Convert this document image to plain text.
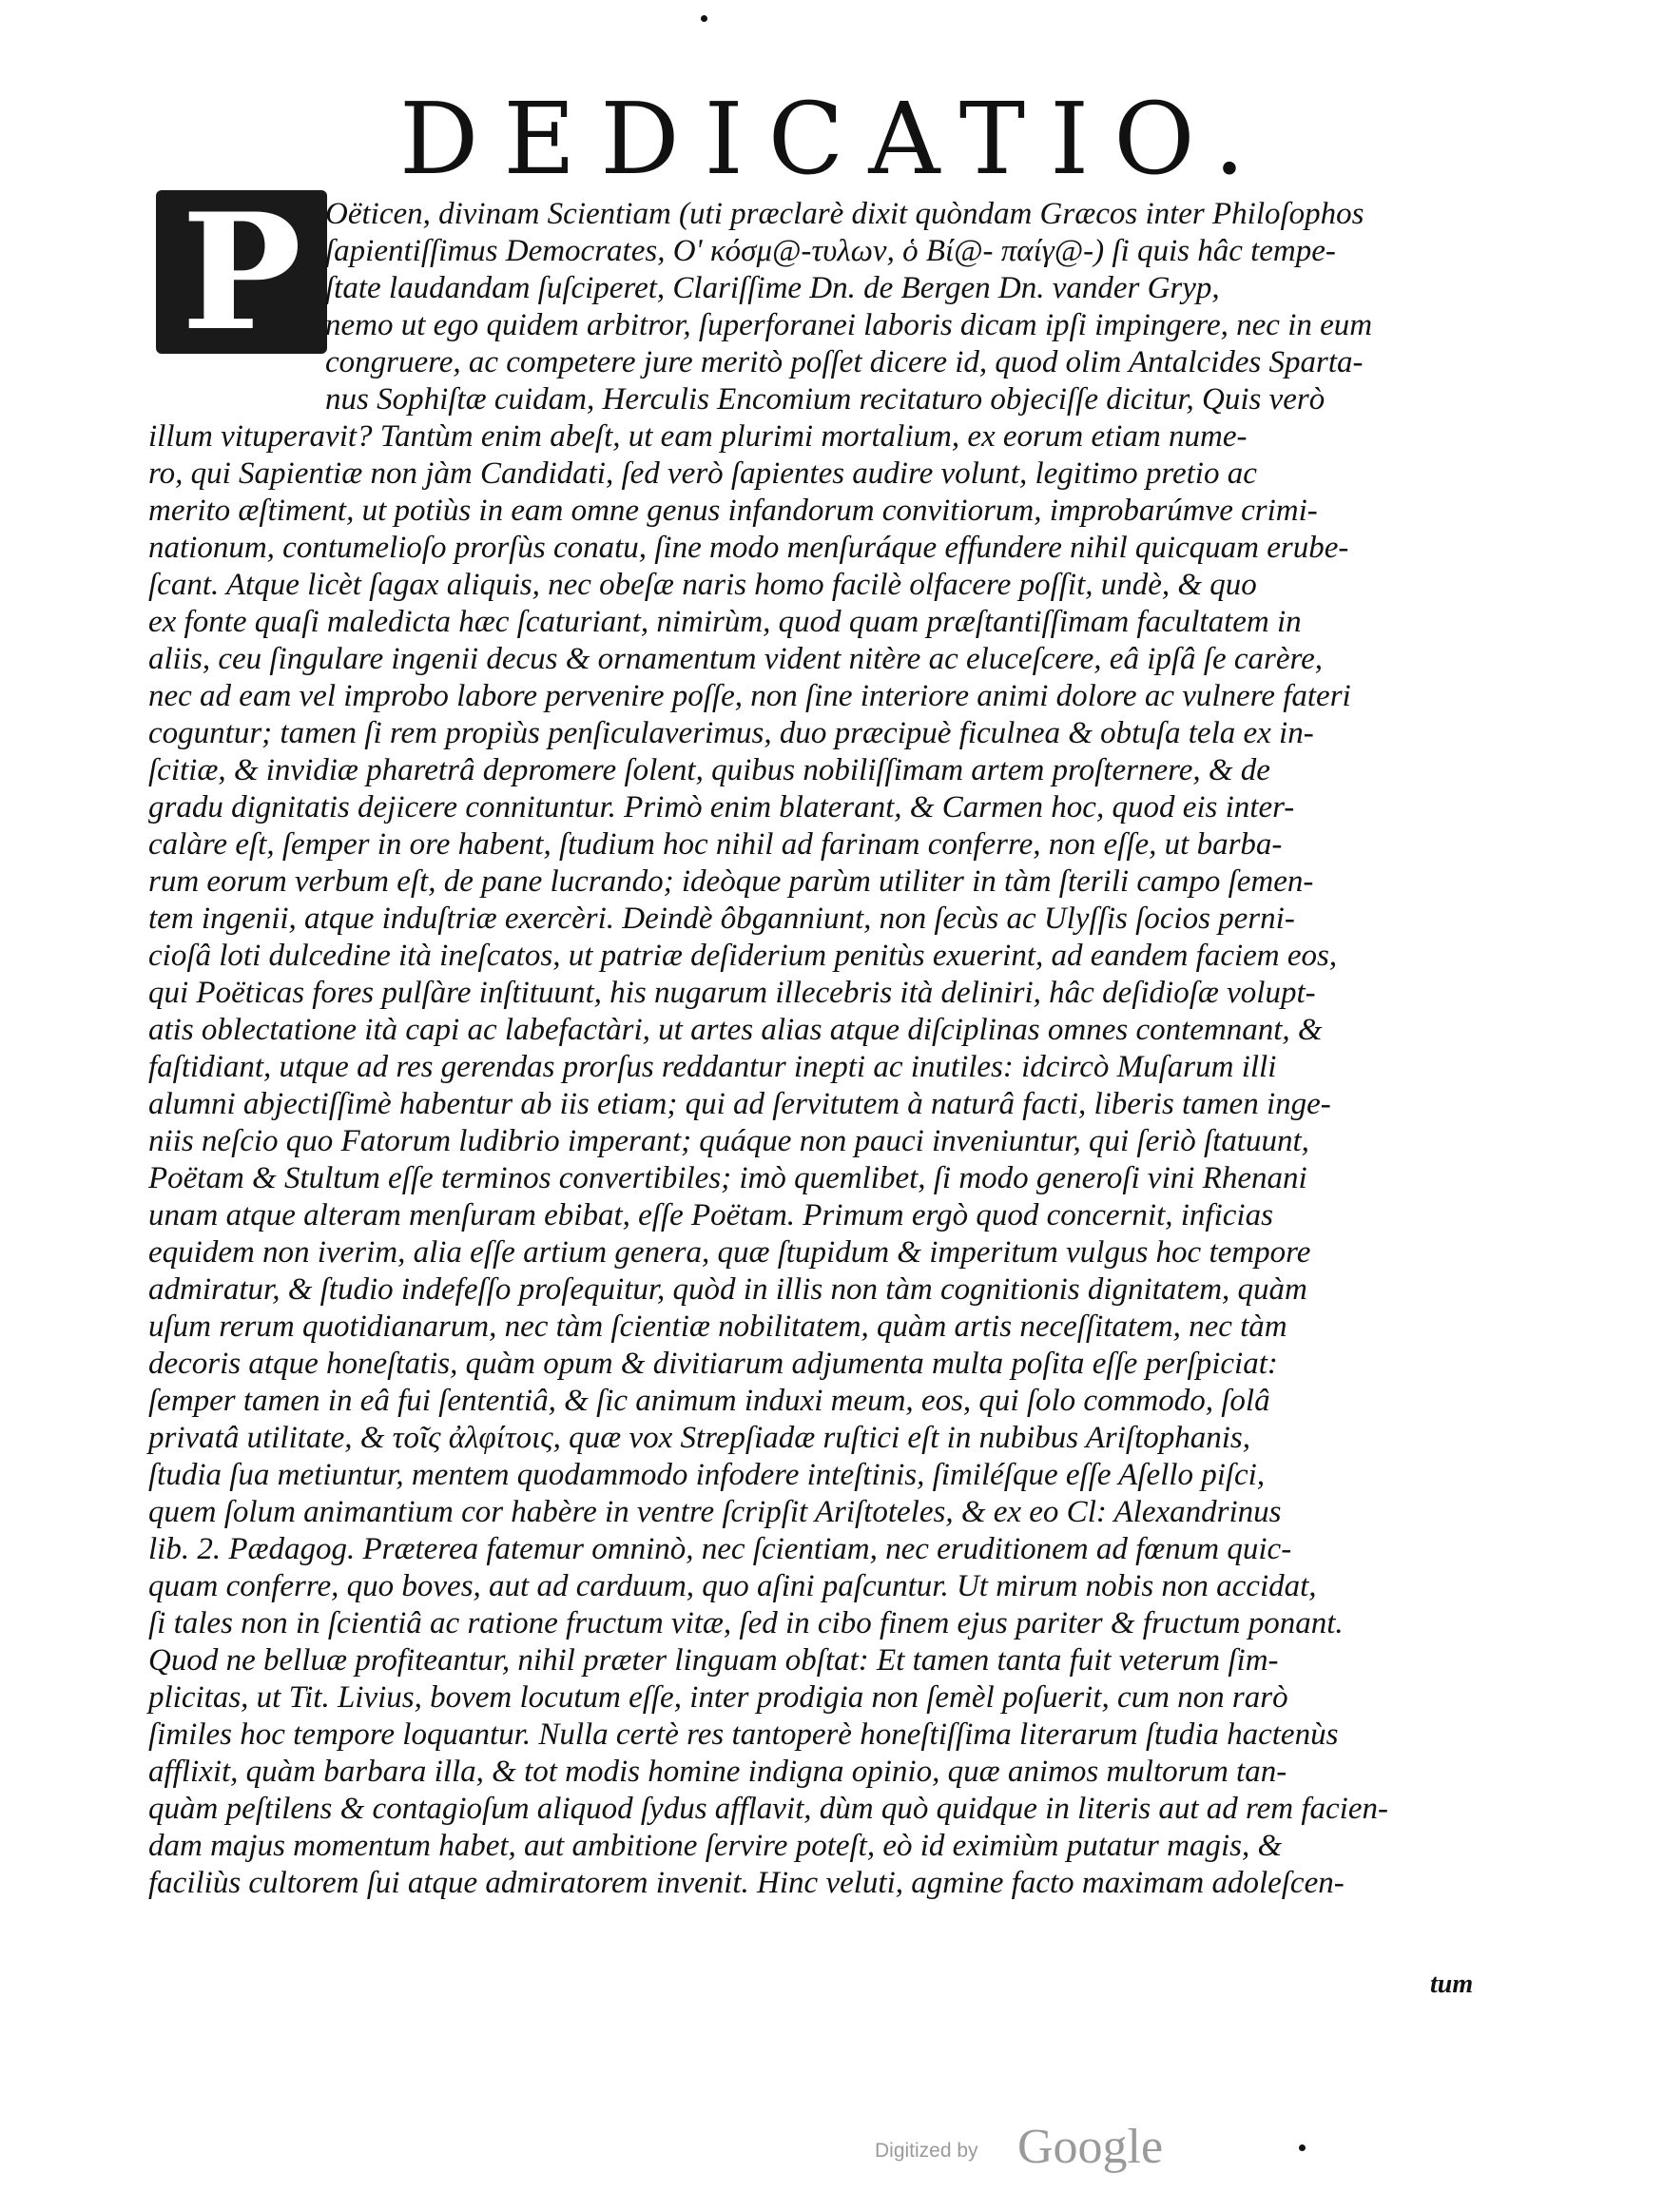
DEDICATIO.
P Oëticen, divinam Scientiam (uti præclarè dixit quòndam Græcos inter Philoſophos
ſapientiſſimus Democrates, Oʹ κόσμ@-τυλων, ὁ Βί@- παίγ@-) ſi quis hâc tempe-
ſtate laudandam ſuſciperet, Clariſſime Dn. de Bergen Dn. vander Gryp,
nemo ut ego quidem arbitror, ſuperforanei laboris dicam ipſi impingere, nec in eum
congruere, ac competere jure meritò poſſet dicere id, quod olim Antalcides Sparta-
nus Sophiſtæ cuidam, Herculis Encomium recitaturo objeciſſe dicitur, Quis verò
illum vituperavit? Tantùm enim abeſt, ut eam plurimi mortalium, ex eorum etiam nume-
ro, qui Sapientiæ non jàm Candidati, ſed verò ſapientes audire volunt, legitimo pretio ac
merito æſtiment, ut potiùs in eam omne genus infandorum convitiorum, improbarúmve crimi-
nationum, contumelioſo prorſùs conatu, ſine modo menſuráque effundere nihil quicquam erube-
ſcant. Atque licèt ſagax aliquis, nec obeſæ naris homo facilè olfacere poſſit, undè, & quo
ex fonte quaſi maledicta hæc ſcaturiant, nimirùm, quod quam præſtantiſſimam facultatem in
aliis, ceu ſingulare ingenii decus & ornamentum vident nitère ac eluceſcere, eâ ipſâ ſe carère,
nec ad eam vel improbo labore pervenire poſſe, non ſine interiore animi dolore ac vulnere fateri
coguntur; tamen ſi rem propiùs penſiculaverimus, duo præcipuè ficulnea & obtuſa tela ex in-
ſcitiæ, & invidiæ pharetrâ depromere ſolent, quibus nobiliſſimam artem proſternere, & de
gradu dignitatis dejicere connituntur. Primò enim blaterant, & Carmen hoc, quod eis inter-
calàre eſt, ſemper in ore habent, ſtudium hoc nihil ad farinam conferre, non eſſe, ut barba-
rum eorum verbum eſt, de pane lucrando; ideòque parùm utiliter in tàm ſterili campo ſemen-
tem ingenii, atque induſtriæ exercèri. Deindè ôbganniunt, non ſecùs ac Ulyſſis ſocios perni-
cioſâ loti dulcedine ità ineſcatos, ut patriæ deſiderium penitùs exuerint, ad eandem faciem eos,
qui Poëticas fores pulſàre inſtituunt, his nugarum illecebris ità deliniri, hâc deſidioſæ volupt-
atis oblectatione ità capi ac labefactàri, ut artes alias atque diſciplinas omnes contemnant, &
faſtidiant, utque ad res gerendas prorſus reddantur inepti ac inutiles: idcircò Muſarum illi
alumni abjectiſſimè habentur ab iis etiam; qui ad ſervitutem à naturâ facti, liberis tamen inge-
niis neſcio quo Fatorum ludibrio imperant; quáque non pauci inveniuntur, qui ſeriò ſtatuunt,
Poëtam & Stultum eſſe terminos convertibiles; imò quemlibet, ſi modo generoſi vini Rhenani
unam atque alteram menſuram ebibat, eſſe Poëtam. Primum ergò quod concernit, inficias
equidem non iverim, alia eſſe artium genera, quæ ſtupidum & imperitum vulgus hoc tempore
admiratur, & ſtudio indefeſſo proſequitur, quòd in illis non tàm cognitionis dignitatem, quàm
uſum rerum quotidianarum, nec tàm ſcientiæ nobilitatem, quàm artis neceſſitatem, nec tàm
decoris atque honeſtatis, quàm opum & divitiarum adjumenta multa poſita eſſe perſpiciat:
ſemper tamen in eâ fui ſententiâ, & ſic animum induxi meum, eos, qui ſolo commodo, ſolâ
privatâ utilitate, & τοῖς ἀλφίτοις, quæ vox Strepſiadæ ruſtici eſt in nubibus Ariſtophanis,
ſtudia ſua metiuntur, mentem quodammodo infodere inteſtinis, ſimiléſque eſſe Aſello piſci,
quem ſolum animantium cor habère in ventre ſcripſit Ariſtoteles, & ex eo Cl: Alexandrinus
lib. 2. Pædagog. Præterea fatemur omninò, nec ſcientiam, nec eruditionem ad fœnum quic-
quam conferre, quo boves, aut ad carduum, quo aſini paſcuntur. Ut mirum nobis non accidat,
ſi tales non in ſcientiâ ac ratione fructum vitæ, ſed in cibo finem ejus pariter & fructum ponant.
Quod ne belluæ profiteantur, nihil præter linguam obſtat: Et tamen tanta fuit veterum ſim-
plicitas, ut Tit. Livius, bovem locutum eſſe, inter prodigia non ſemèl poſuerit, cum non rarò
ſimiles hoc tempore loquantur. Nulla certè res tantoperè honeſtiſſima literarum ſtudia hactenùs
afflixit, quàm barbara illa, & tot modis homine indigna opinio, quæ animos multorum tan-
quàm peſtilens & contagioſum aliquod ſydus afflavit, dùm quò quidque in literis aut ad rem facien-
dam majus momentum habet, aut ambitione ſervire poteſt, eò id eximiùm putatur magis, &
faciliùs cultorem ſui atque admiratorem invenit. Hinc veluti, agmine facto maximam adoleſcen-
tum
Digitized by Google
